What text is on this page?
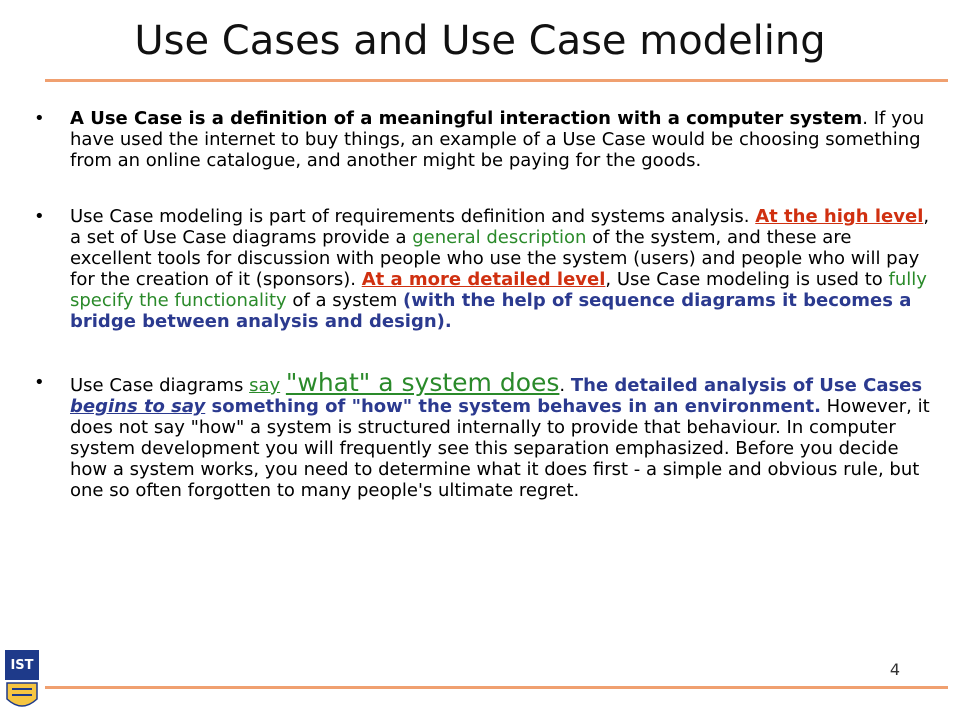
Use Cases and Use Case modeling
•	A Use Case is a definition of a meaningful interaction with a computer system. If you have used the internet to buy things, an example of a Use Case would be choosing something from an online catalogue, and another might be paying for the goods.
•	Use Case modeling is part of requirements definition and systems analysis. At the high level, a set of Use Case diagrams provide a general description of the system, and these are excellent tools for discussion with people who use the system (users) and people who will pay for the creation of it (sponsors). At a more detailed level, Use Case modeling is used to fully specify the functionality of a system (with the help of sequence diagrams it becomes a bridge between analysis and design).
•	Use Case diagrams say "what" a system does. The detailed analysis of Use Cases begins to say something of "how" the system behaves in an environment. However, it does not say "how" a system is structured internally to provide that behaviour. In computer system development you will frequently see this separation emphasized. Before you decide how a system works, you need to determine what it does first - a simple and obvious rule, but one so often forgotten to many people's ultimate regret.
4
IST
